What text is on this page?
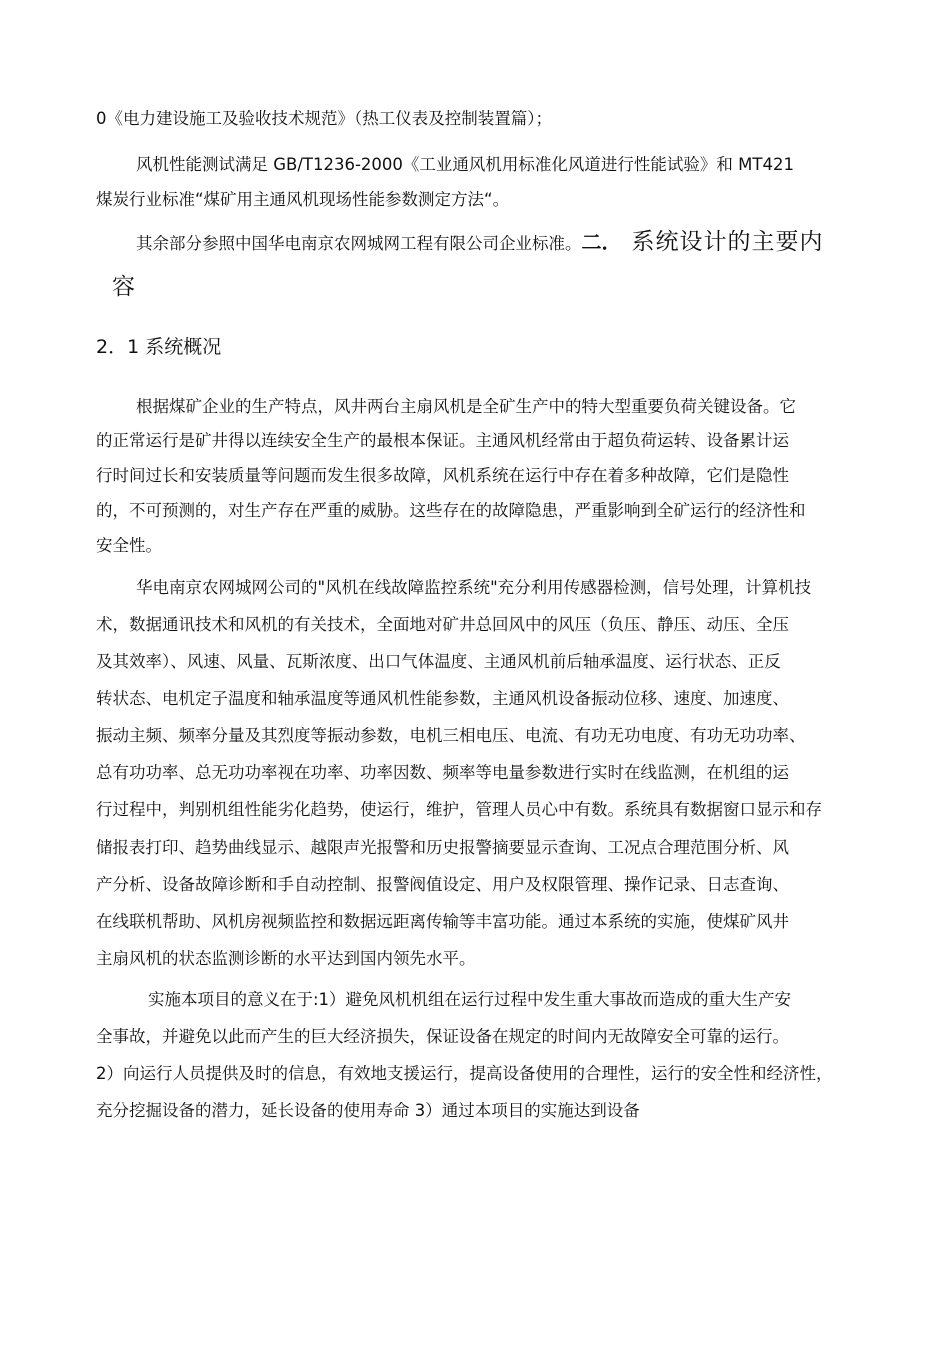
0《电力建设施工及验收技术规范》（热工仪表及控制装置篇）；

风机性能测试满足 GB/T1236-2000《工业通风机用标准化风道进行性能试验》和 MT421

煤炭行业标准“煤矿用主通风机现场性能参数测定方法“。

其余部分参照中国华电南京农网城网工程有限公司企业标准。二． 系统设计的主要内

容

2．1 系统概况

根据煤矿企业的生产特点，风井两台主扇风机是全矿生产中的特大型重要负荷关键设备。它

的正常运行是矿井得以连续安全生产的最根本保证。主通风机经常由于超负荷运转、设备累计运

行时间过长和安装质量等问题而发生很多故障，风机系统在运行中存在着多种故障，它们是隐性

的，不可预测的，对生产存在严重的威胁。这些存在的故障隐患，严重影响到全矿运行的经济性和

安全性。

华电南京农网城网公司的"风机在线故障监控系统"充分利用传感器检测，信号处理，计算机技

术，数据通讯技术和风机的有关技术，全面地对矿井总回风中的风压（负压、静压、动压、全压

及其效率）、风速、风量、瓦斯浓度、出口气体温度、主通风机前后轴承温度、运行状态、正反

转状态、电机定子温度和轴承温度等通风机性能参数，主通风机设备振动位移、速度、加速度、

振动主频、频率分量及其烈度等振动参数，电机三相电压、电流、有功无功电度、有功无功功率、

总有功功率、总无功功率视在功率、功率因数、频率等电量参数进行实时在线监测，在机组的运

行过程中，判别机组性能劣化趋势，使运行，维护，管理人员心中有数。系统具有数据窗口显示和存

储报表打印、趋势曲线显示、越限声光报警和历史报警摘要显示查询、工况点合理范围分析、风

产分析、设备故障诊断和手自动控制、报警阀值设定、用户及权限管理、操作记录、日志查询、

在线联机帮助、风机房视频监控和数据远距离传输等丰富功能。通过本系统的实施，使煤矿风井

主扇风机的状态监测诊断的水平达到国内领先水平。

实施本项目的意义在于:1）避免风机机组在运行过程中发生重大事故而造成的重大生产安

全事故，并避免以此而产生的巨大经济损失，保证设备在规定的时间内无故障安全可靠的运行。

2）向运行人员提供及时的信息，有效地支援运行，提高设备使用的合理性，运行的安全性和经济性，

充分挖掘设备的潜力，延长设备的使用寿命 3）通过本项目的实施达到设备
